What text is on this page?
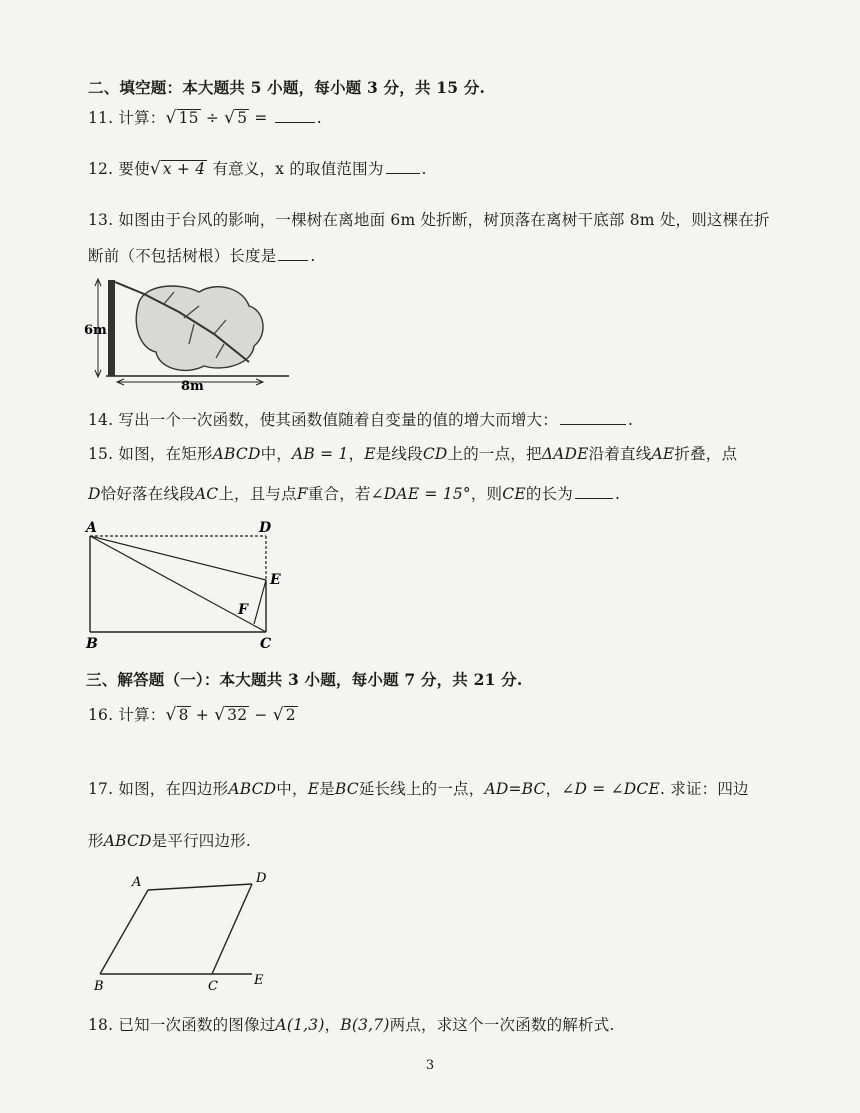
二、填空题：本大题共 5 小题，每小题 3 分，共 15 分.
11. 计算：√ 15 ÷ √ 5 =	.
12. 要使√ x + 4 有意义，x 的取值范围为 .
13. 如图由于台风的影响，一棵树在离地面 6m 处折断，树顶落在离树干底部 8m 处，则这棵在折
断前（不包括树根）长度是 .
6m
8m
14. 写出一个一次函数，使其函数值随着自变量的值的增大而增大：	.
15. 如图，在矩形ABCD中，AB = 1，E是线段CD上的一点，把ΔADE沿着直线AE折叠，点
D恰好落在线段AC上，且与点F重合，若∠DAE = 15°，则CE的长为	.
A	D
E
F
B	C
三、解答题（一）：本大题共 3 小题，每小题 7 分，共 21 分.
16. 计算：√ 8 + √ 32 − √ 2
17. 如图，在四边形ABCD中，E是BC延长线上的一点，AD=BC，∠D = ∠DCE. 求证：四边
形ABCD是平行四边形.
A	D
B	C	E
18. 已知一次函数的图像过A(1,3)，B(3,7)两点，求这个一次函数的解析式.
3
